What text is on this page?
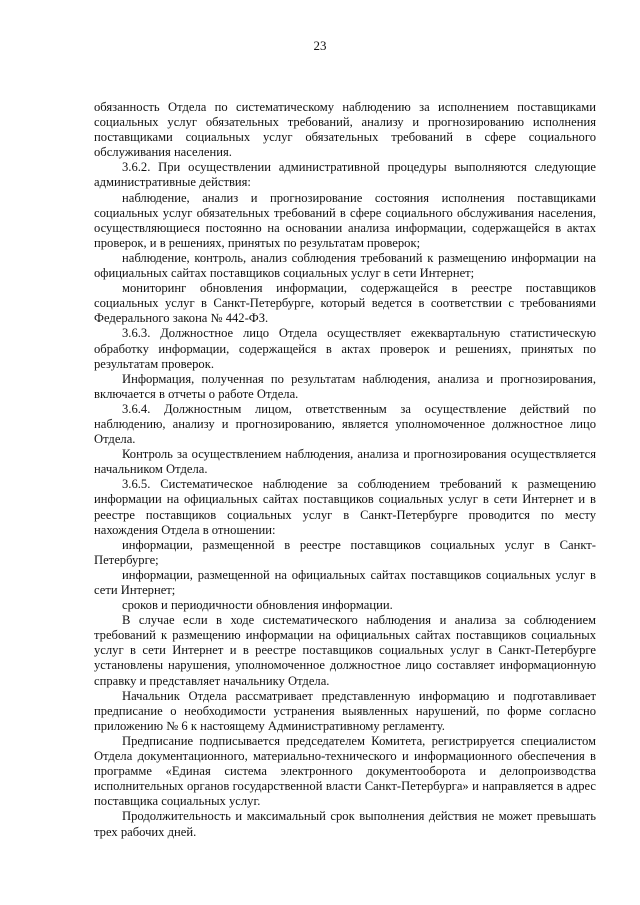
23

обязанность Отдела по систематическому наблюдению за исполнением поставщиками социальных услуг обязательных требований, анализу и прогнозированию исполнения поставщиками социальных услуг обязательных требований в сфере социального обслуживания населения.

3.6.2. При осуществлении административной процедуры выполняются следующие административные действия:

наблюдение, анализ и прогнозирование состояния исполнения поставщиками социальных услуг обязательных требований в сфере социального обслуживания населения, осуществляющиеся постоянно на основании анализа информации, содержащейся в актах проверок, и в решениях, принятых по результатам проверок;

наблюдение, контроль, анализ соблюдения требований к размещению информации на официальных сайтах поставщиков социальных услуг в сети Интернет;

мониторинг обновления информации, содержащейся в реестре поставщиков социальных услуг в Санкт-Петербурге, который ведется в соответствии с требованиями Федерального закона № 442-ФЗ.

3.6.3. Должностное лицо Отдела осуществляет ежеквартальную статистическую обработку информации, содержащейся в актах проверок и решениях, принятых по результатам проверок.

Информация, полученная по результатам наблюдения, анализа и прогнозирования, включается в отчеты о работе Отдела.

3.6.4. Должностным лицом, ответственным за осуществление действий по наблюдению, анализу и прогнозированию, является уполномоченное должностное лицо Отдела.

Контроль за осуществлением наблюдения, анализа и прогнозирования осуществляется начальником Отдела.

3.6.5. Систематическое наблюдение за соблюдением требований к размещению информации на официальных сайтах поставщиков социальных услуг в сети Интернет и в реестре поставщиков социальных услуг в Санкт-Петербурге проводится по месту нахождения Отдела в отношении:

информации, размещенной в реестре поставщиков социальных услуг в Санкт-Петербурге;

информации, размещенной на официальных сайтах поставщиков социальных услуг в сети Интернет;

сроков и периодичности обновления информации.

В случае если в ходе систематического наблюдения и анализа за соблюдением требований к размещению информации на официальных сайтах поставщиков социальных услуг в сети Интернет и в реестре поставщиков социальных услуг в Санкт-Петербурге установлены нарушения, уполномоченное должностное лицо составляет информационную справку и представляет начальнику Отдела.

Начальник Отдела рассматривает представленную информацию и подготавливает предписание о необходимости устранения выявленных нарушений, по форме согласно приложению № 6 к настоящему Административному регламенту.

Предписание подписывается председателем Комитета, регистрируется специалистом Отдела документационного, материально-технического и информационного обеспечения в программе «Единая система электронного документооборота и делопроизводства исполнительных органов государственной власти Санкт-Петербурга» и направляется в адрес поставщика социальных услуг.

Продолжительность и максимальный срок выполнения действия не может превышать трех рабочих дней.
